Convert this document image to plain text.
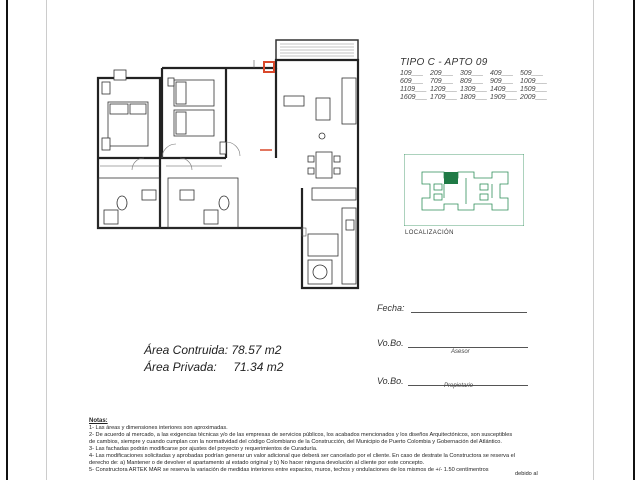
TIPO C - APTO 09
109___ 209___ 309___ 409___ 509___
609___ 709___ 809___ 909___ 1009___
1109___ 1209___ 1309___ 1409___ 1509___
1609___ 1709___ 1809___ 1909___ 2009___
LOCALIZACIÓN
Fecha:
Vo.Bo.
Asesor
Vo.Bo.	Propietario
Área Contruida: 78.57 m2
Área Privada:     71.34 m2

Notas:

1- Las áreas y dimensiones interiores son aproximadas.

2- De acuerdo al mercado, a las exigencias técnicas y/o de las empresas de servicios públicos, los acabados mencionados y los diseños Arquitectónicos, son susceptibles

de cambios, siempre y cuando cumplan con la normatividad del código Colombiano de la Construcción, del Municipio de Puerto Colombia y Gobernación del Atlántico.

3- Las fachadas podrán modificarse por ajustes del proyecto y requerimientos de Curaduría.

4- Las modificaciones solicitadas y aprobadas podrían generar un valor adicional que deberá ser cancelado por el cliente. En caso de destrate la Constructora se reserva el

derecho de: a) Mantener o de devolver el apartamento al estado original y b) No hacer ninguna devolución al cliente por este concepto.

5- Constructora ARTEK MAR se reserva la variación de medidas interiores entre espacios, muros, techos y ondulaciones de los mismos de +/- 1.50 centímentros

debido al
